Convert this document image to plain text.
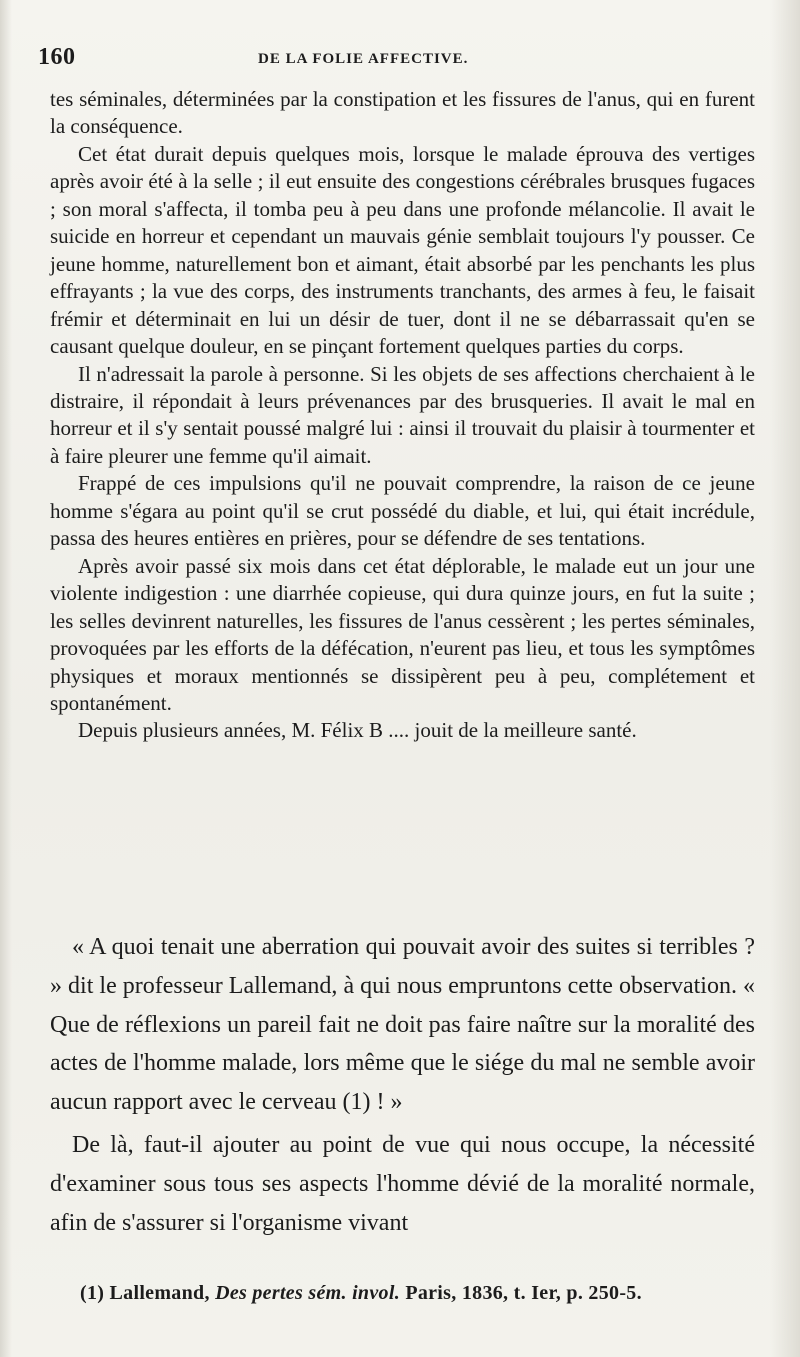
160	DE LA FOLIE AFFECTIVE.

tes séminales, déterminées par la constipation et les fissures de l'anus, qui en furent la conséquence.

Cet état durait depuis quelques mois, lorsque le malade éprouva des vertiges après avoir été à la selle ; il eut ensuite des congestions cérébrales brusques fugaces ; son moral s'affecta, il tomba peu à peu dans une profonde mélancolie. Il avait le suicide en horreur et cependant un mauvais génie semblait toujours l'y pousser. Ce jeune homme, naturellement bon et aimant, était absorbé par les penchants les plus effrayants ; la vue des corps, des instruments tranchants, des armes à feu, le faisait frémir et déterminait en lui un désir de tuer, dont il ne se débarrassait qu'en se causant quelque douleur, en se pinçant fortement quelques parties du corps.

Il n'adressait la parole à personne. Si les objets de ses affections cherchaient à le distraire, il répondait à leurs prévenances par des brusqueries. Il avait le mal en horreur et il s'y sentait poussé malgré lui : ainsi il trouvait du plaisir à tourmenter et à faire pleurer une femme qu'il aimait.

Frappé de ces impulsions qu'il ne pouvait comprendre, la raison de ce jeune homme s'égara au point qu'il se crut possédé du diable, et lui, qui était incrédule, passa des heures entières en prières, pour se défendre de ses tentations.

Après avoir passé six mois dans cet état déplorable, le malade eut un jour une violente indigestion : une diarrhée copieuse, qui dura quinze jours, en fut la suite ; les selles devinrent naturelles, les fissures de l'anus cessèrent ; les pertes séminales, provoquées par les efforts de la défécation, n'eurent pas lieu, et tous les symptômes physiques et moraux mentionnés se dissipèrent peu à peu, complétement et spontanément.

Depuis plusieurs années, M. Félix B .... jouit de la meilleure santé.

« A quoi tenait une aberration qui pouvait avoir des suites si terribles ? » dit le professeur Lallemand, à qui nous empruntons cette observation. « Que de réflexions un pareil fait ne doit pas faire naître sur la moralité des actes de l'homme malade, lors même que le siége du mal ne semble avoir aucun rapport avec le cerveau (1) ! »

De là, faut-il ajouter au point de vue qui nous occupe, la nécessité d'examiner sous tous ses aspects l'homme dévié de la moralité normale, afin de s'assurer si l'organisme vivant

(1) Lallemand, Des pertes sém. invol. Paris, 1836, t. Ier, p. 250-5.
